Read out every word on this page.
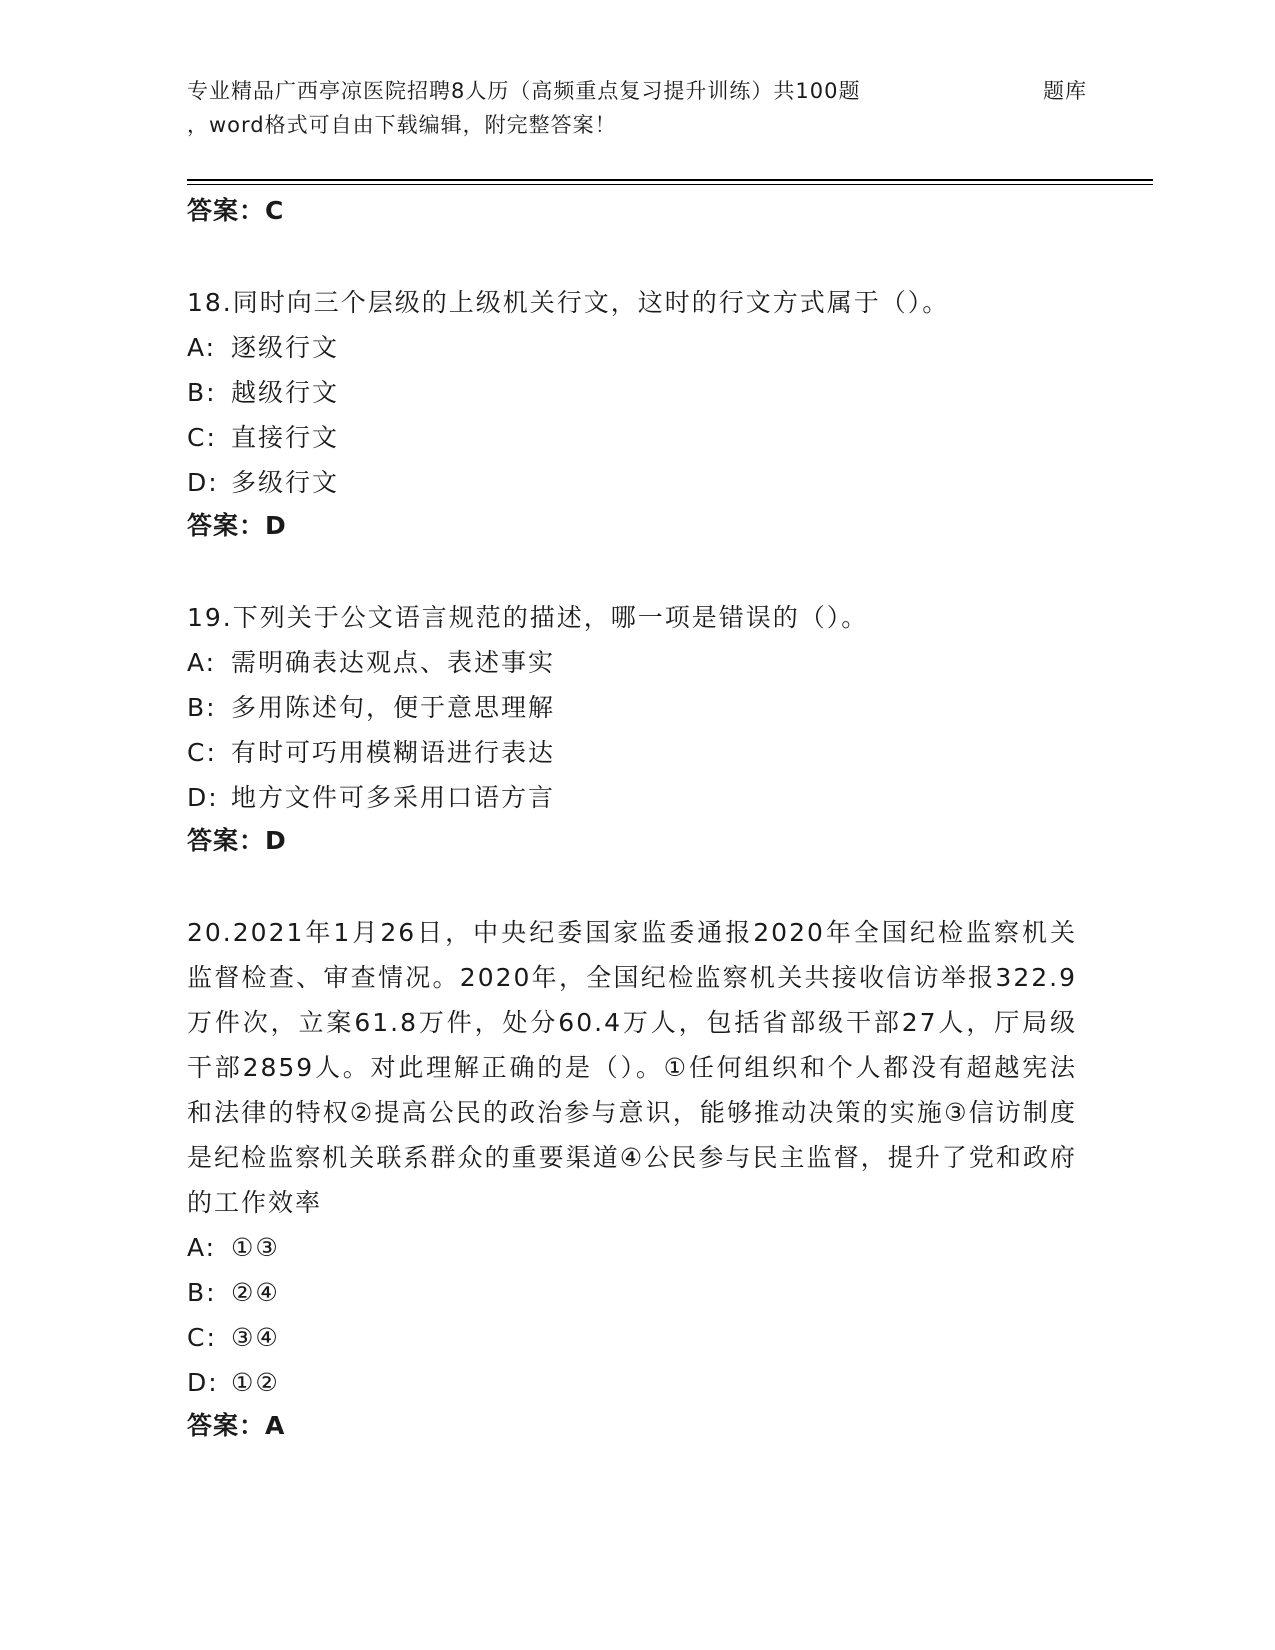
专业精品广西亭凉医院招聘8人历（高频重点复习提升训练）共100题	题库
，word格式可自由下载编辑，附完整答案！
答案：C
18.同时向三个层级的上级机关行文，这时的行文方式属于（）。
A: 逐级行文
B: 越级行文
C: 直接行文
D: 多级行文
答案：D
19.下列关于公文语言规范的描述，哪一项是错误的（）。
A: 需明确表达观点、表述事实
B: 多用陈述句，便于意思理解
C: 有时可巧用模糊语进行表达
D: 地方文件可多采用口语方言
答案：D
20.2021年1月26日，中央纪委国家监委通报2020年全国纪检监察机关监督检查、审查情况。2020年，全国纪检监察机关共接收信访举报322.9万件次，立案61.8万件，处分60.4万人，包括省部级干部27人，厅局级干部2859人。对此理解正确的是（）。①任何组织和个人都没有超越宪法和法律的特权②提高公民的政治参与意识，能够推动决策的实施③信访制度是纪检监察机关联系群众的重要渠道④公民参与民主监督，提升了党和政府的工作效率
A: ①③
B: ②④
C: ③④
D: ①②
答案：A
